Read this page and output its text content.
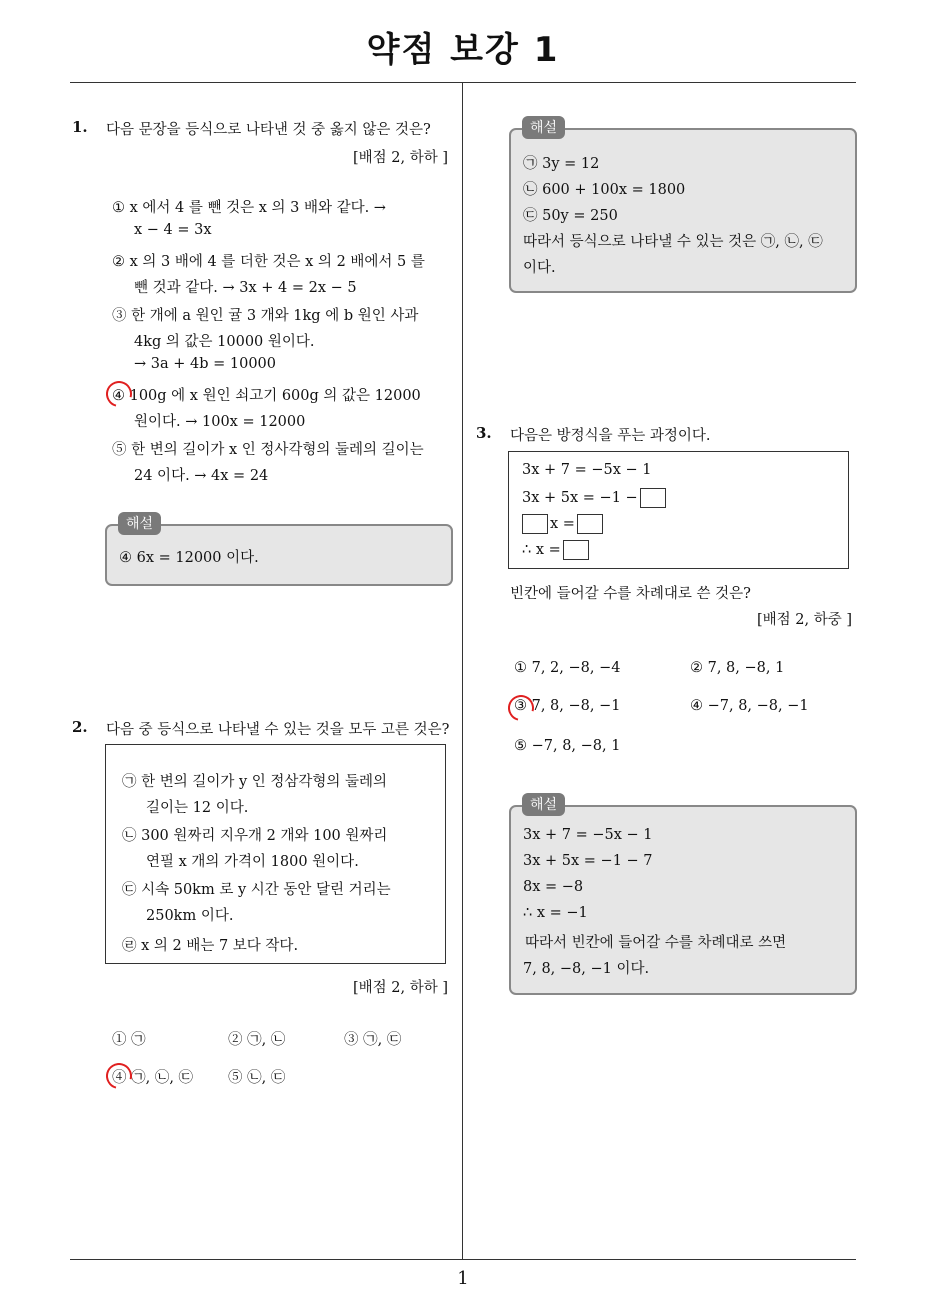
약점 보강 1
1
1. 다음 문장을 등식으로 나타낸 것 중 옳지 않은 것은?
[배점 2, 하하 ]
① x 에서 4 를 뺀 것은 x 의 3 배와 같다. →
x − 4 = 3x
② x 의 3 배에 4 를 더한 것은 x 의 2 배에서 5 를
뺀 것과 같다. → 3x + 4 = 2x − 5
③ 한 개에 a 원인 귤 3 개와 1kg 에 b 원인 사과
4kg 의 값은 10000 원이다.
→ 3a + 4b = 10000
④ 100g 에 x 원인 쇠고기 600g 의 값은 12000
원이다. → 100x = 12000
⑤ 한 변의 길이가 x 인 정사각형의 둘레의 길이는
24 이다. → 4x = 24
④ 6x = 12000 이다.
해설
2. 다음 중 등식으로 나타낼 수 있는 것을 모두 고른 것은?
㉠ 한 변의 길이가 y 인 정삼각형의 둘레의
길이는 12 이다.
㉡ 300 원짜리 지우개 2 개와 100 원짜리
연필 x 개의 가격이 1800 원이다.
㉢ 시속 50km 로 y 시간 동안 달린 거리는
250km 이다.
㉣ x 의 2 배는 7 보다 작다.
[배점 2, 하하 ]
① ㉠	② ㉠, ㉡	③ ㉠, ㉢
④ ㉠, ㉡, ㉢ ⑤ ㉡, ㉢
㉠ 3y = 12
㉡ 600 + 100x = 1800
㉢ 50y = 250
따라서 등식으로 나타낼 수 있는 것은 ㉠, ㉡, ㉢
이다.
해설
3. 다음은 방정식을 푸는 과정이다.
3x + 7 = −5x − 1
3x + 5x = −1 −
x =
∴ x =
빈칸에 들어갈 수를 차례대로 쓴 것은?
[배점 2, 하중 ]
① 7, 2, −8, −4	② 7, 8, −8, 1
③ 7, 8, −8, −1	④ −7, 8, −8, −1
⑤ −7, 8, −8, 1
3x + 7 = −5x − 1
3x + 5x = −1 − 7
8x = −8
∴ x = −1
따라서 빈칸에 들어갈 수를 차례대로 쓰면
7, 8, −8, −1 이다.
해설
